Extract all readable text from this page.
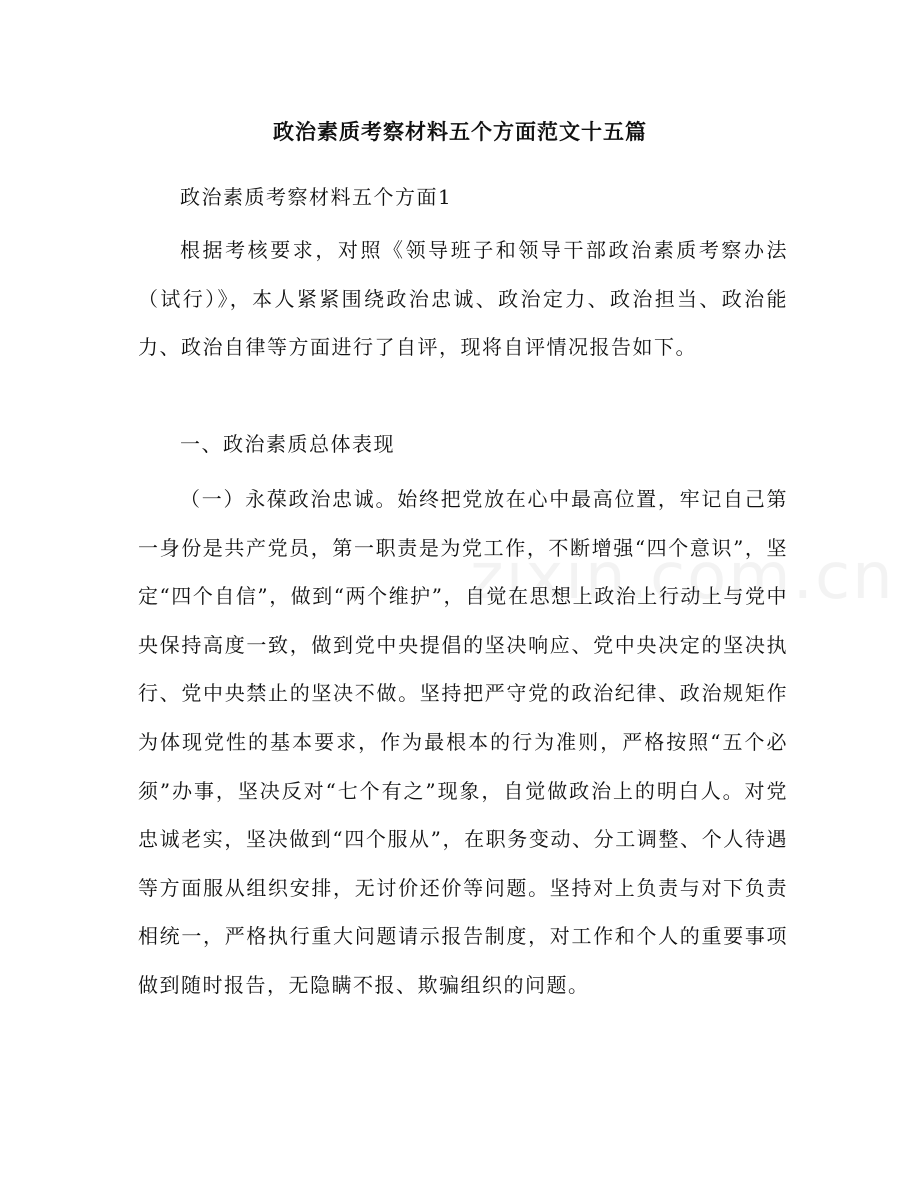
政治素质考察材料五个方面范文十五篇
政治素质考察材料五个方面1
根据考核要求，对照《领导班子和领导干部政治素质考察办法（试行）》，本人紧紧围绕政治忠诚、政治定力、政治担当、政治能力、政治自律等方面进行了自评，现将自评情况报告如下。
一、政治素质总体表现
（一）永葆政治忠诚。始终把党放在心中最高位置，牢记自己第一身份是共产党员，第一职责是为党工作，不断增强“四个意识”，坚定“四个自信”，做到“两个维护”，自觉在思想上政治上行动上与党中央保持高度一致，做到党中央提倡的坚决响应、党中央决定的坚决执行、党中央禁止的坚决不做。坚持把严守党的政治纪律、政治规矩作为体现党性的基本要求，作为最根本的行为准则，严格按照“五个必须”办事，坚决反对“七个有之”现象，自觉做政治上的明白人。对党忠诚老实，坚决做到“四个服从”，在职务变动、分工调整、个人待遇等方面服从组织安排，无讨价还价等问题。坚持对上负责与对下负责相统一，严格执行重大问题请示报告制度，对工作和个人的重要事项做到随时报告，无隐瞒不报、欺骗组织的问题。
